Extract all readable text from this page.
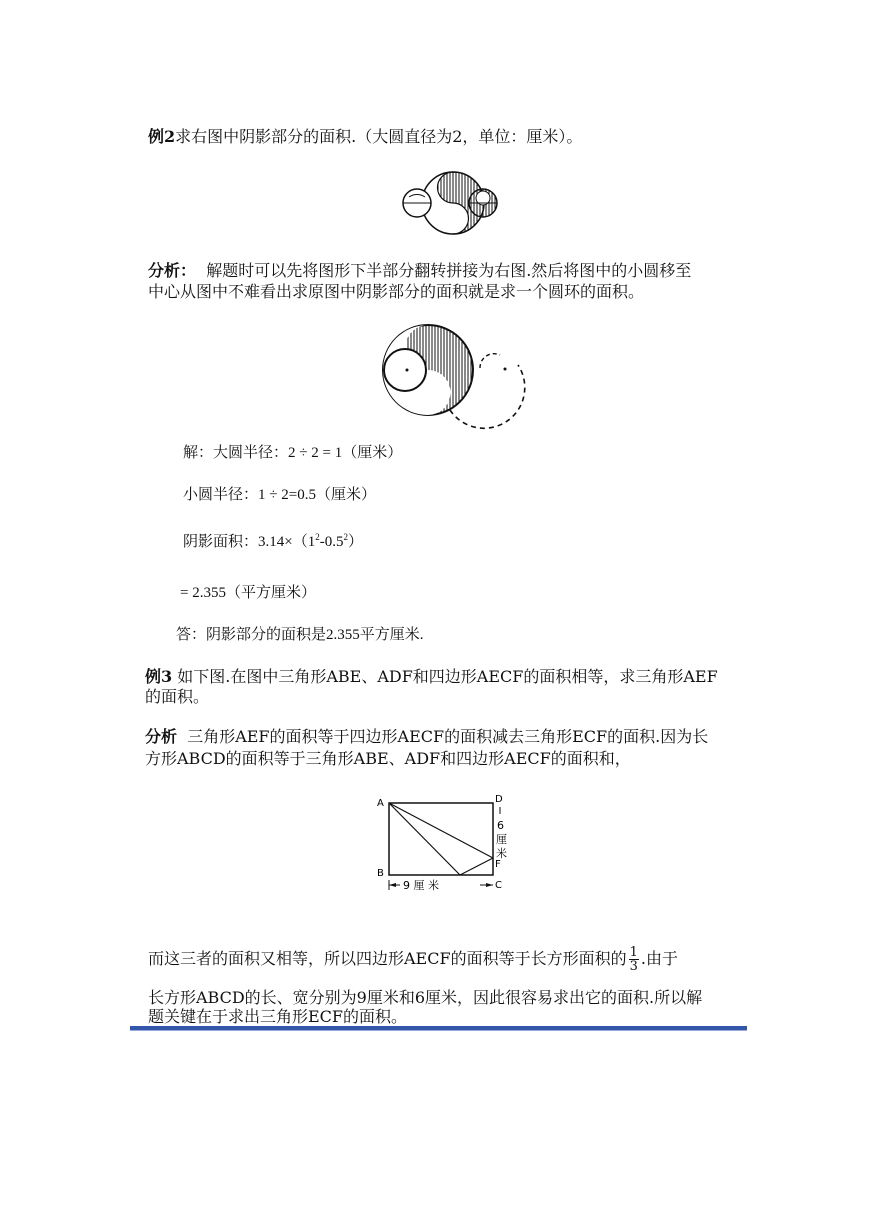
例2求右图中阴影部分的面积.（大圆直径为2，单位：厘米）。
分析： 解题时可以先将图形下半部分翻转拼接为右图.然后将图中的小圆移至
中心从图中不难看出求原图中阴影部分的面积就是求一个圆环的面积。
解：大圆半径：2 ÷ 2 = 1（厘米）
小圆半径：1 ÷ 2=0.5（厘米）
阴影面积：$3.14\times(1^2-0.5^2)$
= 2.355（平方厘米）
答：阴影部分的面积是2.355平方厘米.
例3 如下图.在图中三角形ABE、ADF和四边形AECF的面积相等，求三角形AEF
的面积。
分析 三角形AEF的面积等于四边形AECF的面积减去三角形ECF的面积.因为长
方形ABCD的面积等于三角形ABE、ADF和四边形AECF的面积和，
A
B
D
F
C
6
厘
米
9 厘 米
而这三者的面积又相等，所以四边形AECF的面积等于长方形面积的 $\frac{1}{3}$ .由于
长方形ABCD的长、宽分别为9厘米和6厘米，因此很容易求出它的面积.所以解
题关键在于求出三角形ECF的面积。
